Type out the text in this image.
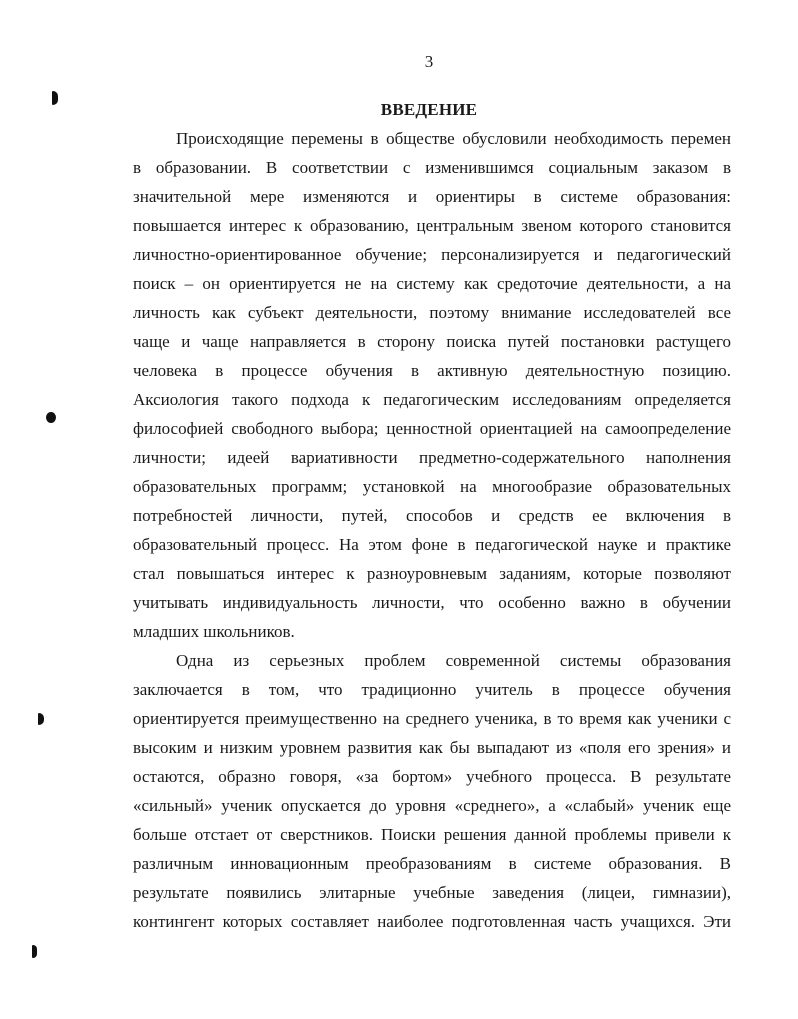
3
ВВЕДЕНИЕ
Происходящие перемены в обществе обусловили необходимость перемен
в образовании. В соответствии с изменившимся социальным заказом в
значительной мере изменяются и ориентиры в системе образования:
повышается интерес к образованию, центральным звеном которого становится
личностно-ориентированное обучение; персонализируется и педагогический
поиск – он ориентируется не на систему как средоточие деятельности, а на
личность как субъект деятельности, поэтому внимание исследователей все
чаще и чаще направляется в сторону поиска путей постановки растущего
человека в процессе обучения в активную деятельностную позицию.
Аксиология такого подхода к педагогическим исследованиям определяется
философией свободного выбора; ценностной ориентацией на самоопределение
личности; идеей вариативности предметно-содержательного наполнения
образовательных программ; установкой на многообразие образовательных
потребностей личности, путей, способов и средств ее включения в
образовательный процесс. На этом фоне в педагогической науке и практике
стал повышаться интерес к разноуровневым заданиям, которые позволяют
учитывать индивидуальность личности, что особенно важно в обучении
младших школьников.
Одна из серьезных проблем современной системы образования
заключается в том, что традиционно учитель в процессе обучения
ориентируется преимущественно на среднего ученика, в то время как ученики с
высоким и низким уровнем развития как бы выпадают из «поля его зрения» и
остаются, образно говоря, «за бортом» учебного процесса. В результате
«сильный» ученик опускается до уровня «среднего», а «слабый» ученик еще
больше отстает от сверстников. Поиски решения данной проблемы привели к
различным инновационным преобразованиям в системе образования. В
результате появились элитарные учебные заведения (лицеи, гимназии),
контингент которых составляет наиболее подготовленная часть учащихся. Эти
